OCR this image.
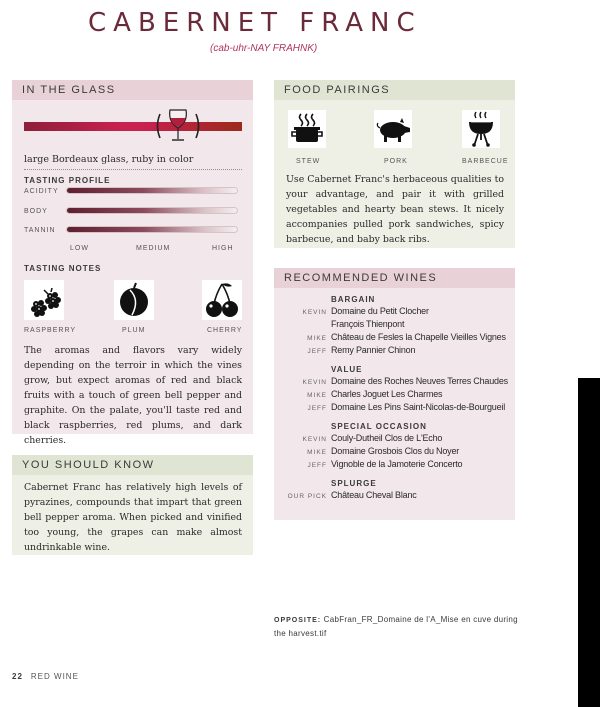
CABERNET FRANC
(cab-uhr-NAY FRAHNK)
IN THE GLASS
large Bordeaux glass, ruby in color
TASTING PROFILE
ACIDITY
BODY
TANNIN
LOW	MEDIUM	HIGH
TASTING NOTES
RASPBERRY	PLUM	CHERRY
The aromas and flavors vary widely depending on the terroir in which the vines grow, but expect aromas of red and black fruits with a touch of green bell pepper and graphite. On the palate, you'll taste red and black raspberries, red plums, and dark cherries.
FOOD PAIRINGS
STEW	PORK	BARBECUE
Use Cabernet Franc's herbaceous qualities to your advantage, and pair it with grilled vegetables and hearty bean stews. It nicely accompanies pulled pork sandwiches, spicy barbecue, and baby back ribs.
RECOMMENDED WINES
BARGAIN
KEVIN Domaine du Petit Clocher
François Thienpont
MIKE Château de Fesles la Chapelle Vieilles Vignes
JEFF Remy Pannier Chinon
VALUE
KEVIN Domaine des Roches Neuves Terres Chaudes
MIKE Charles Joguet Les Charmes
JEFF Domaine Les Pins Saint-Nicolas-de-Bourgueil
SPECIAL OCCASION
KEVIN Couly-Dutheil Clos de L'Echo
MIKE Domaine Grosbois Clos du Noyer
JEFF Vignoble de la Jamoterie Concerto
SPLURGE
OUR PICK Château Cheval Blanc
YOU SHOULD KNOW
Cabernet Franc has relatively high levels of pyrazines, compounds that impart that green bell pepper aroma. When picked and vinified too young, the grapes can make almost undrinkable wine.
OPPOSITE: CabFran_FR_Domaine de l'A_Mise en cuve during the harvest.tif
22 RED WINE
